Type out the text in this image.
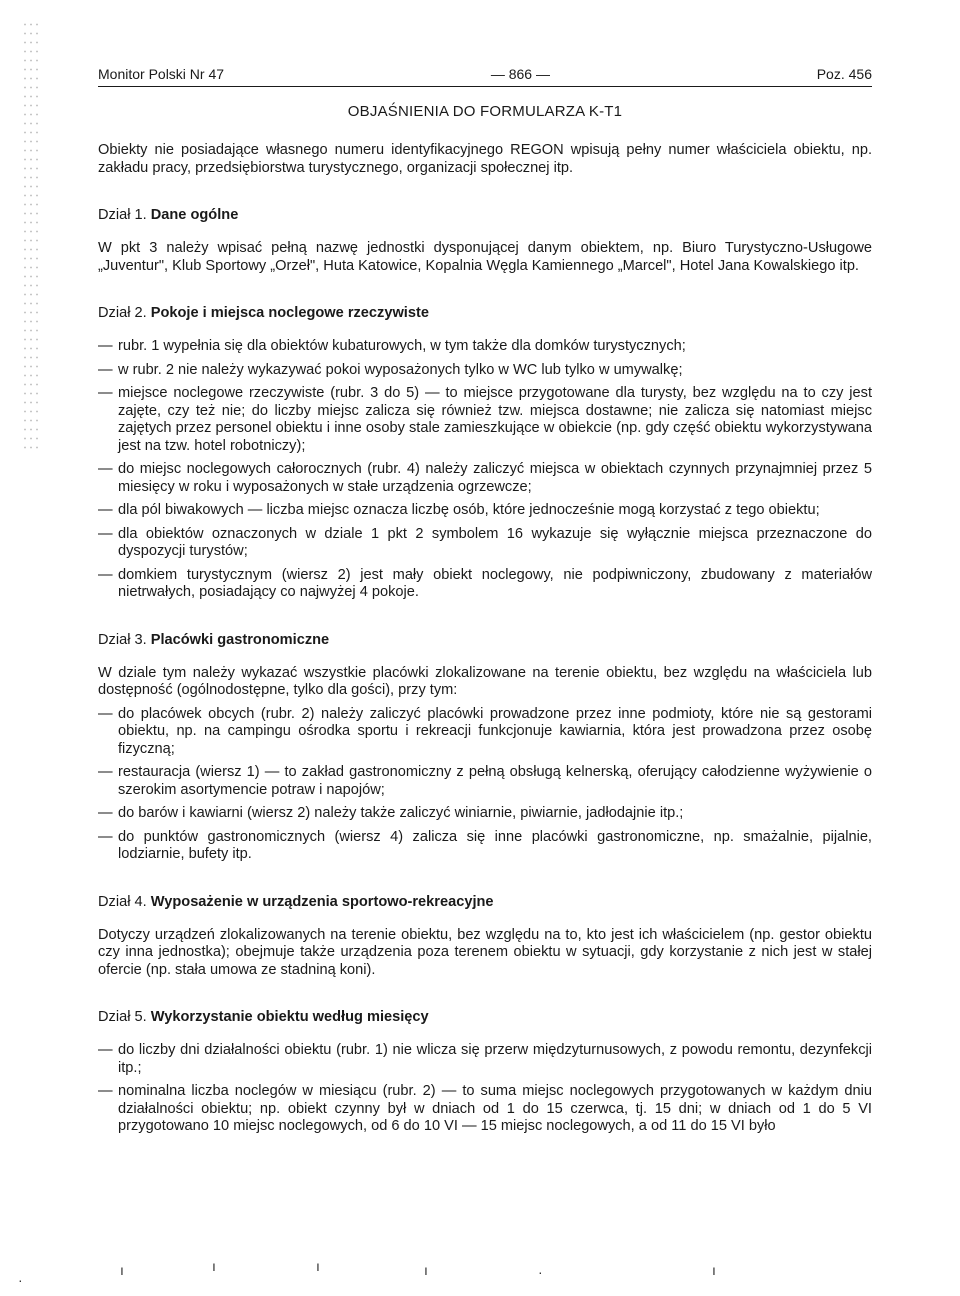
Monitor Polski Nr 47	— 866 —	Poz. 456
OBJAŚNIENIA DO FORMULARZA K-T1

Obiekty nie posiadające własnego numeru identyfikacyjnego REGON wpisują pełny numer właściciela obiektu, np. zakładu pracy, przedsiębiorstwa turystycznego, organizacji społecznej itp.

Dział 1. Dane ogólne

W pkt 3 należy wpisać pełną nazwę jednostki dysponującej danym obiektem, np. Biuro Turystyczno-Usługowe „Juventur", Klub Sportowy „Orzeł", Huta Katowice, Kopalnia Węgla Kamiennego „Marcel", Hotel Jana Kowalskiego itp.

Dział 2. Pokoje i miejsca noclegowe rzeczywiste
— rubr. 1 wypełnia się dla obiektów kubaturowych, w tym także dla domków turystycznych;
— w rubr. 2 nie należy wykazywać pokoi wyposażonych tylko w WC lub tylko w umywalkę;
— miejsce noclegowe rzeczywiste (rubr. 3 do 5) — to miejsce przygotowane dla turysty, bez względu na to czy jest zajęte, czy też nie; do liczby miejsc zalicza się również tzw. miejsca dostawne; nie zalicza się natomiast miejsc zajętych przez personel obiektu i inne osoby stale zamieszkujące w obiekcie (np. gdy część obiektu wykorzystywana jest na tzw. hotel robotniczy);
— do miejsc noclegowych całorocznych (rubr. 4) należy zaliczyć miejsca w obiektach czynnych przynajmniej przez 5 miesięcy w roku i wyposażonych w stałe urządzenia ogrzewcze;
— dla pól biwakowych — liczba miejsc oznacza liczbę osób, które jednocześnie mogą korzystać z tego obiektu;
— dla obiektów oznaczonych w dziale 1 pkt 2 symbolem 16 wykazuje się wyłącznie miejsca przeznaczone do dyspozycji turystów;
— domkiem turystycznym (wiersz 2) jest mały obiekt noclegowy, nie podpiwniczony, zbudowany z materiałów nietrwałych, posiadający co najwyżej 4 pokoje.
Dział 3. Placówki gastronomiczne

W dziale tym należy wykazać wszystkie placówki zlokalizowane na terenie obiektu, bez względu na właściciela lub dostępność (ogólnodostępne, tylko dla gości), przy tym:

— do placówek obcych (rubr. 2) należy zaliczyć placówki prowadzone przez inne podmioty, które nie są gestorami obiektu, np. na campingu ośrodka sportu i rekreacji funkcjonuje kawiarnia, która jest prowadzona przez osobę fizyczną;
— restauracja (wiersz 1) — to zakład gastronomiczny z pełną obsługą kelnerską, oferujący całodzienne wyżywienie o szerokim asortymencie potraw i napojów;
— do barów i kawiarni (wiersz 2) należy także zaliczyć winiarnie, piwiarnie, jadłodajnie itp.;
— do punktów gastronomicznych (wiersz 4) zalicza się inne placówki gastronomiczne, np. smażalnie, pijalnie, lodziarnie, bufety itp.
Dział 4. Wyposażenie w urządzenia sportowo-rekreacyjne

Dotyczy urządzeń zlokalizowanych na terenie obiektu, bez względu na to, kto jest ich właścicielem (np. gestor obiektu czy inna jednostka); obejmuje także urządzenia poza terenem obiektu w sytuacji, gdy korzystanie z nich jest w stałej ofercie (np. stała umowa ze stadniną koni).

Dział 5. Wykorzystanie obiektu według miesięcy
— do liczby dni działalności obiektu (rubr. 1) nie wlicza się przerw międzyturnusowych, z powodu remontu, dezynfekcji itp.;
— nominalna liczba noclegów w miesiącu (rubr. 2) — to suma miejsc noclegowych przygotowanych w każdym dniu działalności obiektu; np. obiekt czynny był w dniach od 1 do 15 czerwca, tj. 15 dni; w dniach od 1 do 5 VI przygotowano 10 miejsc noclegowych, od 6 do 10 VI — 15 miejsc noclegowych, a od 11 do 15 VI było
ı	ı	ı	ı	·	ı
·
